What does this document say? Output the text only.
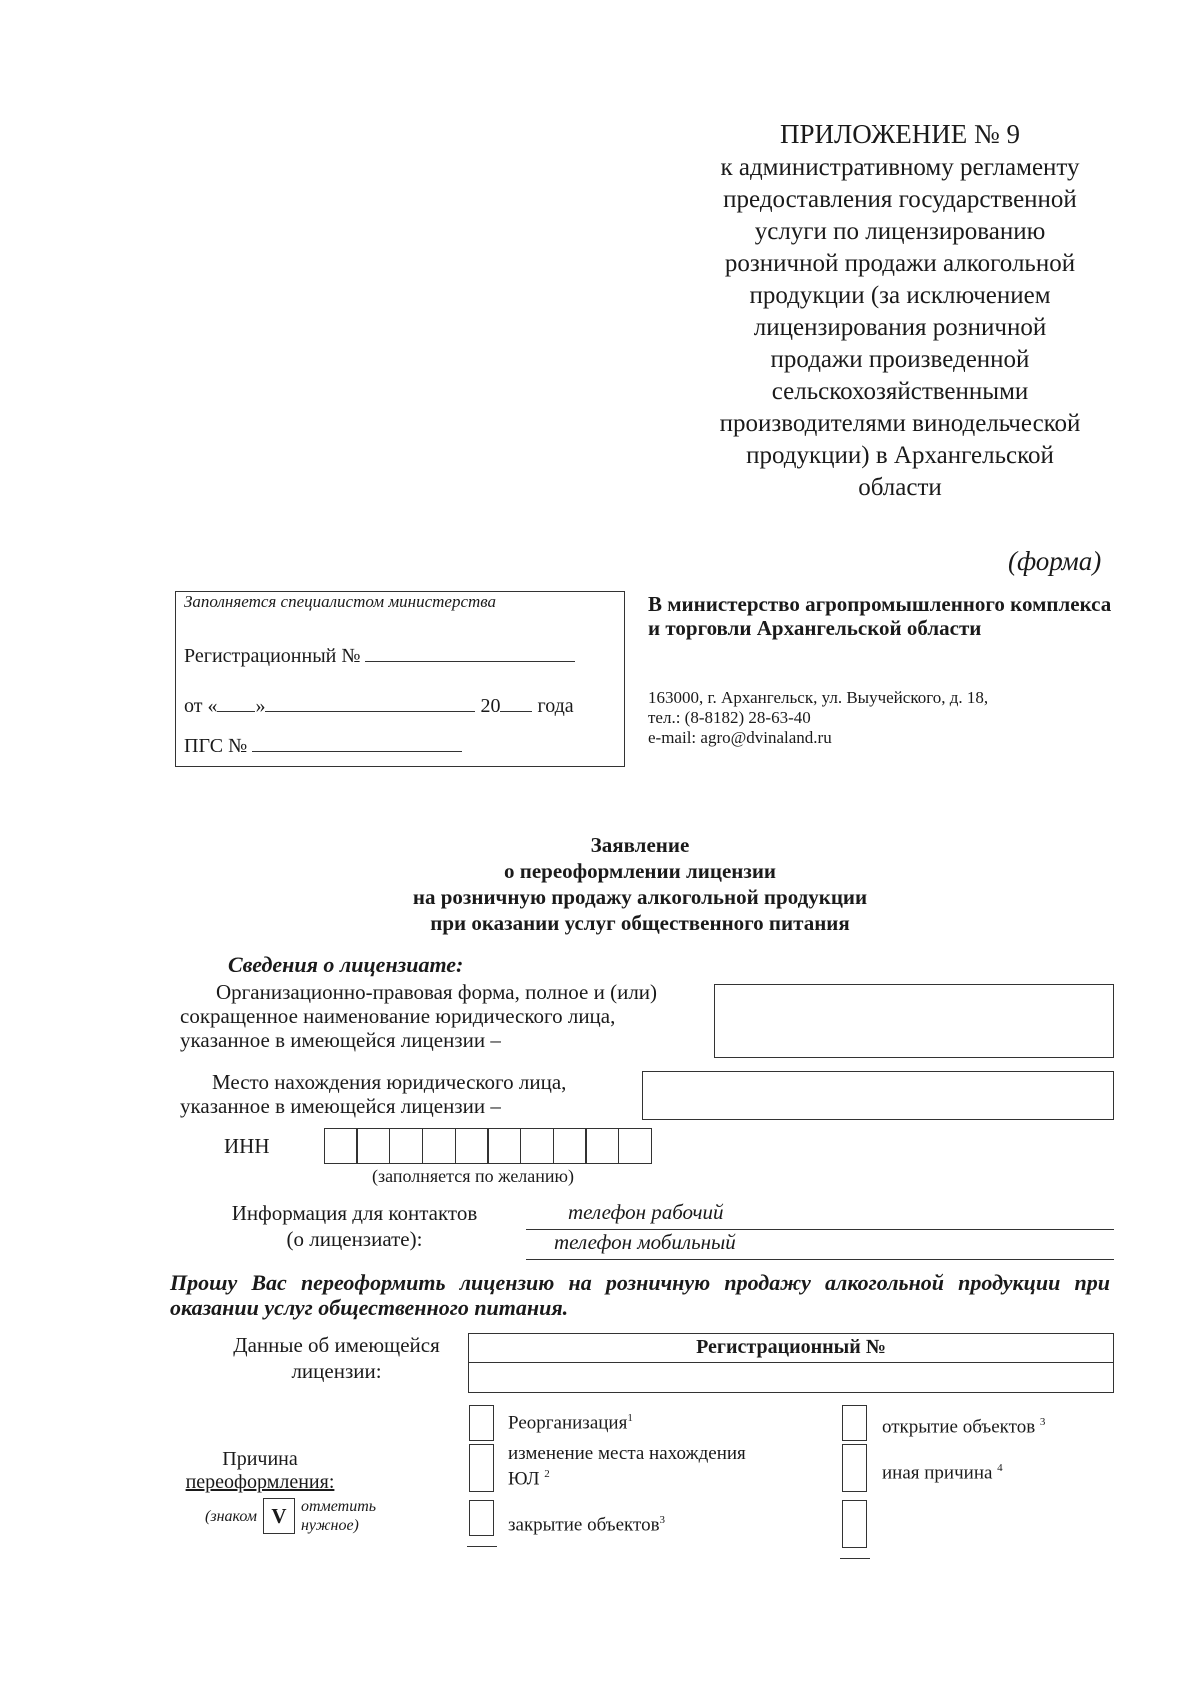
ПРИЛОЖЕНИЕ № 9
к административному регламенту
предоставления государственной
услуги по лицензированию
розничной продажи алкогольной
продукции (за исключением
лицензирования розничной
продажи произведенной
сельскохозяйственными
производителями винодельческой
продукции) в Архангельской
области
(форма)
Заполняется специалистом министерства
Регистрационный №
от « »	20 года
ПГС №
В министерство агропромышленного комплекса и торговли Архангельской области
163000, г. Архангельск, ул. Выучейского, д. 18,
тел.: (8-8182) 28-63-40
e-mail: agro@dvinaland.ru
Заявление
о переоформлении лицензии
на розничную продажу алкогольной продукции
при оказании услуг общественного питания
Сведения о лицензиате:
Организационно-правовая форма, полное и (или)
сокращенное наименование юридического лица,
указанное в имеющейся лицензии –
Место нахождения юридического лица,
указанное в имеющейся лицензии –
ИНН
(заполняется по желанию)
Информация для контактов
(о лицензиате):
телефон рабочий
телефон мобильный
Прошу Вас переоформить лицензию на розничную продажу алкогольной продукции при оказании услуг общественного питания.
Данные об имеющейся
лицензии:
Регистрационный №
Причина
переоформления:
(знаком V отметить
нужное)
Реорганизация$^1$
изменение места нахождения
ЮЛ $^2$
закрытие объектов$^3$
открытие объектов $^3$
иная причина $^4$
